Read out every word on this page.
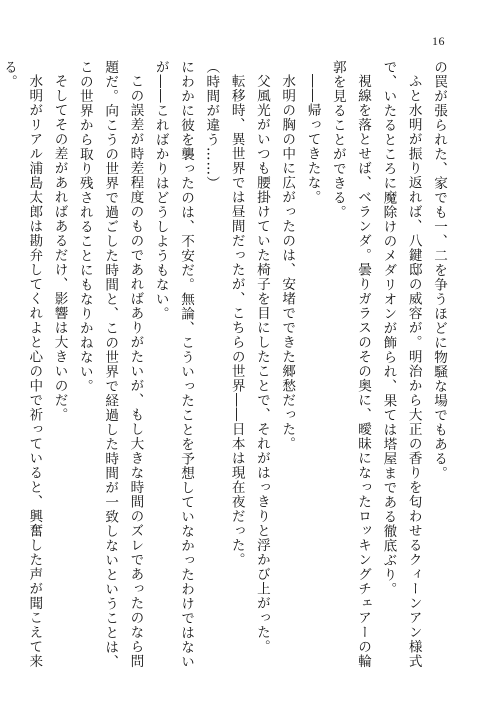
16

の罠が張られた、家でも一、二を争うほどに物騒な場でもある。

ふと水明が振り返れば、八鍵邸の威容が。明治から大正の香りを匂わせるクィーンアン様式で、いたるところに魔除けのメダリオンが飾られ、果ては塔屋まである徹底ぶり。

視線を落とせば、ベランダ。曇りガラスのその奥に、曖昧になったロッキングチェアーの輪郭を見ることができる。

――帰ってきたな。

水明の胸の中に広がったのは、安堵でできた郷愁だった。

父風光がいつも腰掛けていた椅子を目にしたことで、それがはっきりと浮かび上がった。

転移時、異世界では昼間だったが、こちらの世界――日本は現在夜だった。

（時間が違う……）

にわかに彼を襲ったのは、不安だ。無論、こういったことを予想していなかったわけではないが――こればかりはどうしようもない。

この誤差が時差程度のものであればありがたいが、もし大きな時間のズレであったのなら問題だ。向こうの世界で過ごした時間と、この世界で経過した時間が一致しないということは、この世界から取り残されることにもなりかねない。

そしてその差があればあるだけ、影響は大きいのだ。

水明がリアル浦島太郎は勘弁してくれよと心の中で祈っていると、興奮した声が聞こえて来る。
